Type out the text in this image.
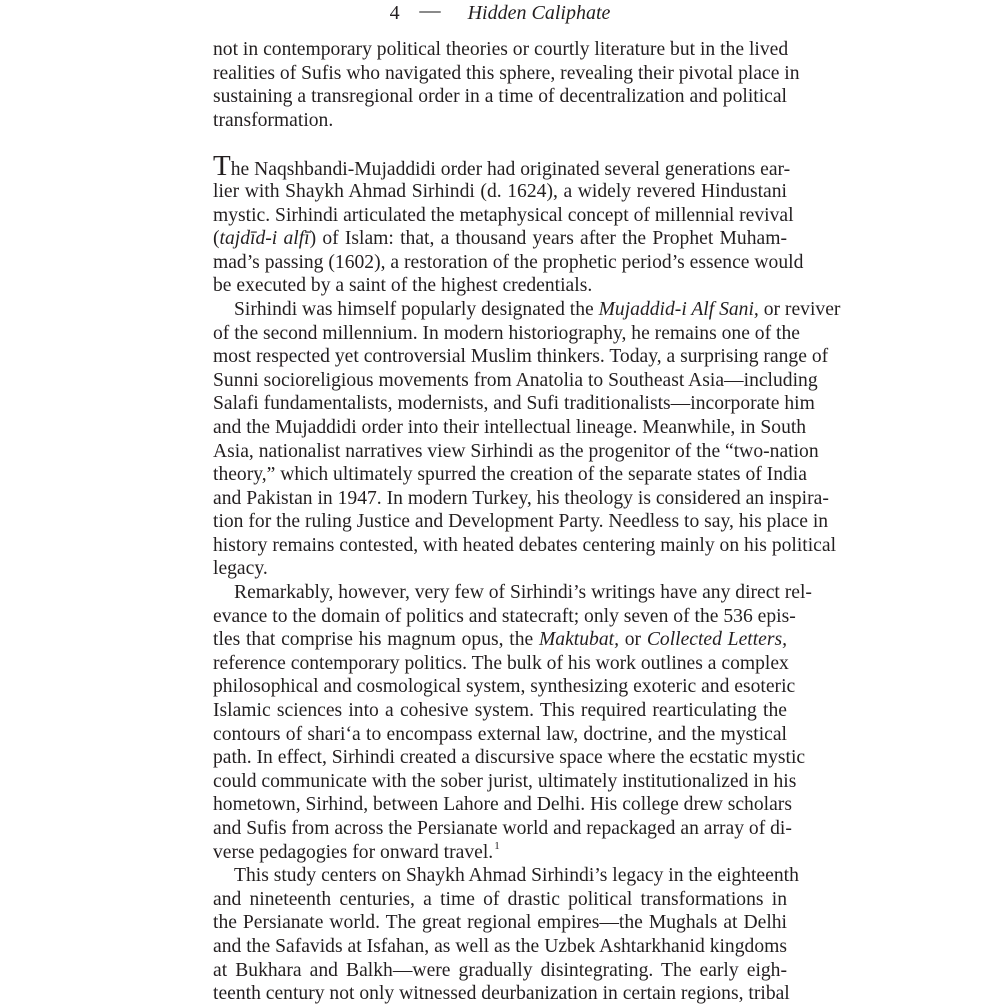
4	Hidden Caliphate
not in contemporary political theories or courtly literature but in the lived
realities of Sufis who navigated this sphere, revealing their pivotal place in
sustaining a transregional order in a time of decentralization and political
transformation.
The Naqshbandi-Mujaddidi order had originated several generations ear-
lier with Shaykh Ahmad Sirhindi (d. 1624), a widely revered Hindustani
mystic. Sirhindi articulated the metaphysical concept of millennial revival
(tajdīd-i alfī) of Islam: that, a thousand years after the Prophet Muham-
mad’s passing (1602), a restoration of the prophetic period’s essence would
be executed by a saint of the highest credentials.
Sirhindi was himself popularly designated the Mujaddid-i Alf Sani, or reviver
of the second millennium. In modern historiography, he remains one of the
most respected yet controversial Muslim thinkers. Today, a surprising range of
Sunni socioreligious movements from Anatolia to Southeast Asia—including
Salafi fundamentalists, modernists, and Sufi traditionalists—incorporate him
and the Mujaddidi order into their intellectual lineage. Meanwhile, in South
Asia, nationalist narratives view Sirhindi as the progenitor of the “two-nation
theory,” which ultimately spurred the creation of the separate states of India
and Pakistan in 1947. In modern Turkey, his theology is considered an inspira-
tion for the ruling Justice and Development Party. Needless to say, his place in
history remains contested, with heated debates centering mainly on his political
legacy.
Remarkably, however, very few of Sirhindi’s writings have any direct rel-
evance to the domain of politics and statecraft; only seven of the 536 epis-
tles that comprise his magnum opus, the Maktubat, or Collected Letters,
reference contemporary politics. The bulk of his work outlines a complex
philosophical and cosmological system, synthesizing exoteric and esoteric
Islamic sciences into a cohesive system. This required rearticulating the
contours of shari‘a to encompass external law, doctrine, and the mystical
path. In effect, Sirhindi created a discursive space where the ecstatic mystic
could communicate with the sober jurist, ultimately institutionalized in his
hometown, Sirhind, between Lahore and Delhi. His college drew scholars
and Sufis from across the Persianate world and repackaged an array of di-
verse pedagogies for onward travel.$^1$
This study centers on Shaykh Ahmad Sirhindi’s legacy in the eighteenth
and nineteenth centuries, a time of drastic political transformations in
the Persianate world. The great regional empires—the Mughals at Delhi
and the Safavids at Isfahan, as well as the Uzbek Ashtarkhanid kingdoms
at Bukhara and Balkh—were gradually disintegrating. The early eigh-
teenth century not only witnessed deurbanization in certain regions, tribal
